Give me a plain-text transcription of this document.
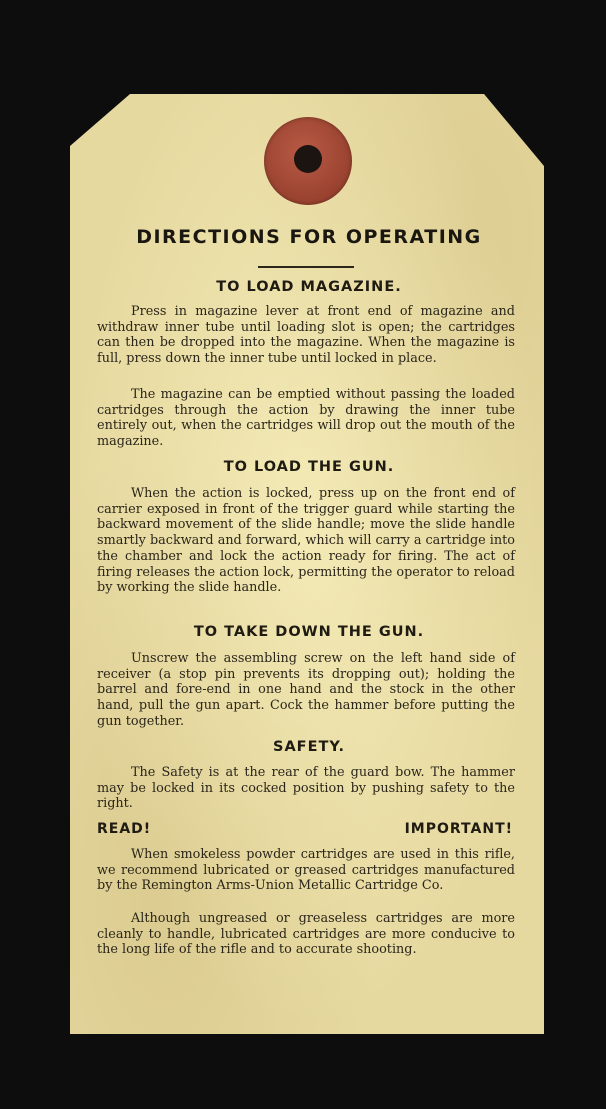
DIRECTIONS FOR OPERATING
TO LOAD MAGAZINE.
Press in magazine lever at front end of magazine and withdraw inner tube until loading slot is open; the cartridges can then be dropped into the magazine. When the magazine is full, press down the inner tube until locked in place.
The magazine can be emptied without passing the loaded cartridges through the action by drawing the inner tube entirely out, when the cartridges will drop out the mouth of the magazine.
TO LOAD THE GUN.
When the action is locked, press up on the front end of carrier exposed in front of the trigger guard while starting the backward movement of the slide handle; move the slide handle smartly backward and forward, which will carry a cartridge into the chamber and lock the action ready for firing. The act of firing releases the action lock, permitting the operator to reload by working the slide handle.
TO TAKE DOWN THE GUN.
Unscrew the assembling screw on the left hand side of receiver (a stop pin prevents its dropping out); holding the barrel and fore-end in one hand and the stock in the other hand, pull the gun apart. Cock the hammer before putting the gun together.
SAFETY.
The Safety is at the rear of the guard bow. The hammer may be locked in its cocked position by pushing safety to the right.
READ!	IMPORTANT!
When smokeless powder cartridges are used in this rifle, we recommend lubricated or greased cartridges manufactured by the Remington Arms-Union Metallic Cartridge Co.
Although ungreased or greaseless cartridges are more cleanly to handle, lubricated cartridges are more conducive to the long life of the rifle and to accurate shooting.
